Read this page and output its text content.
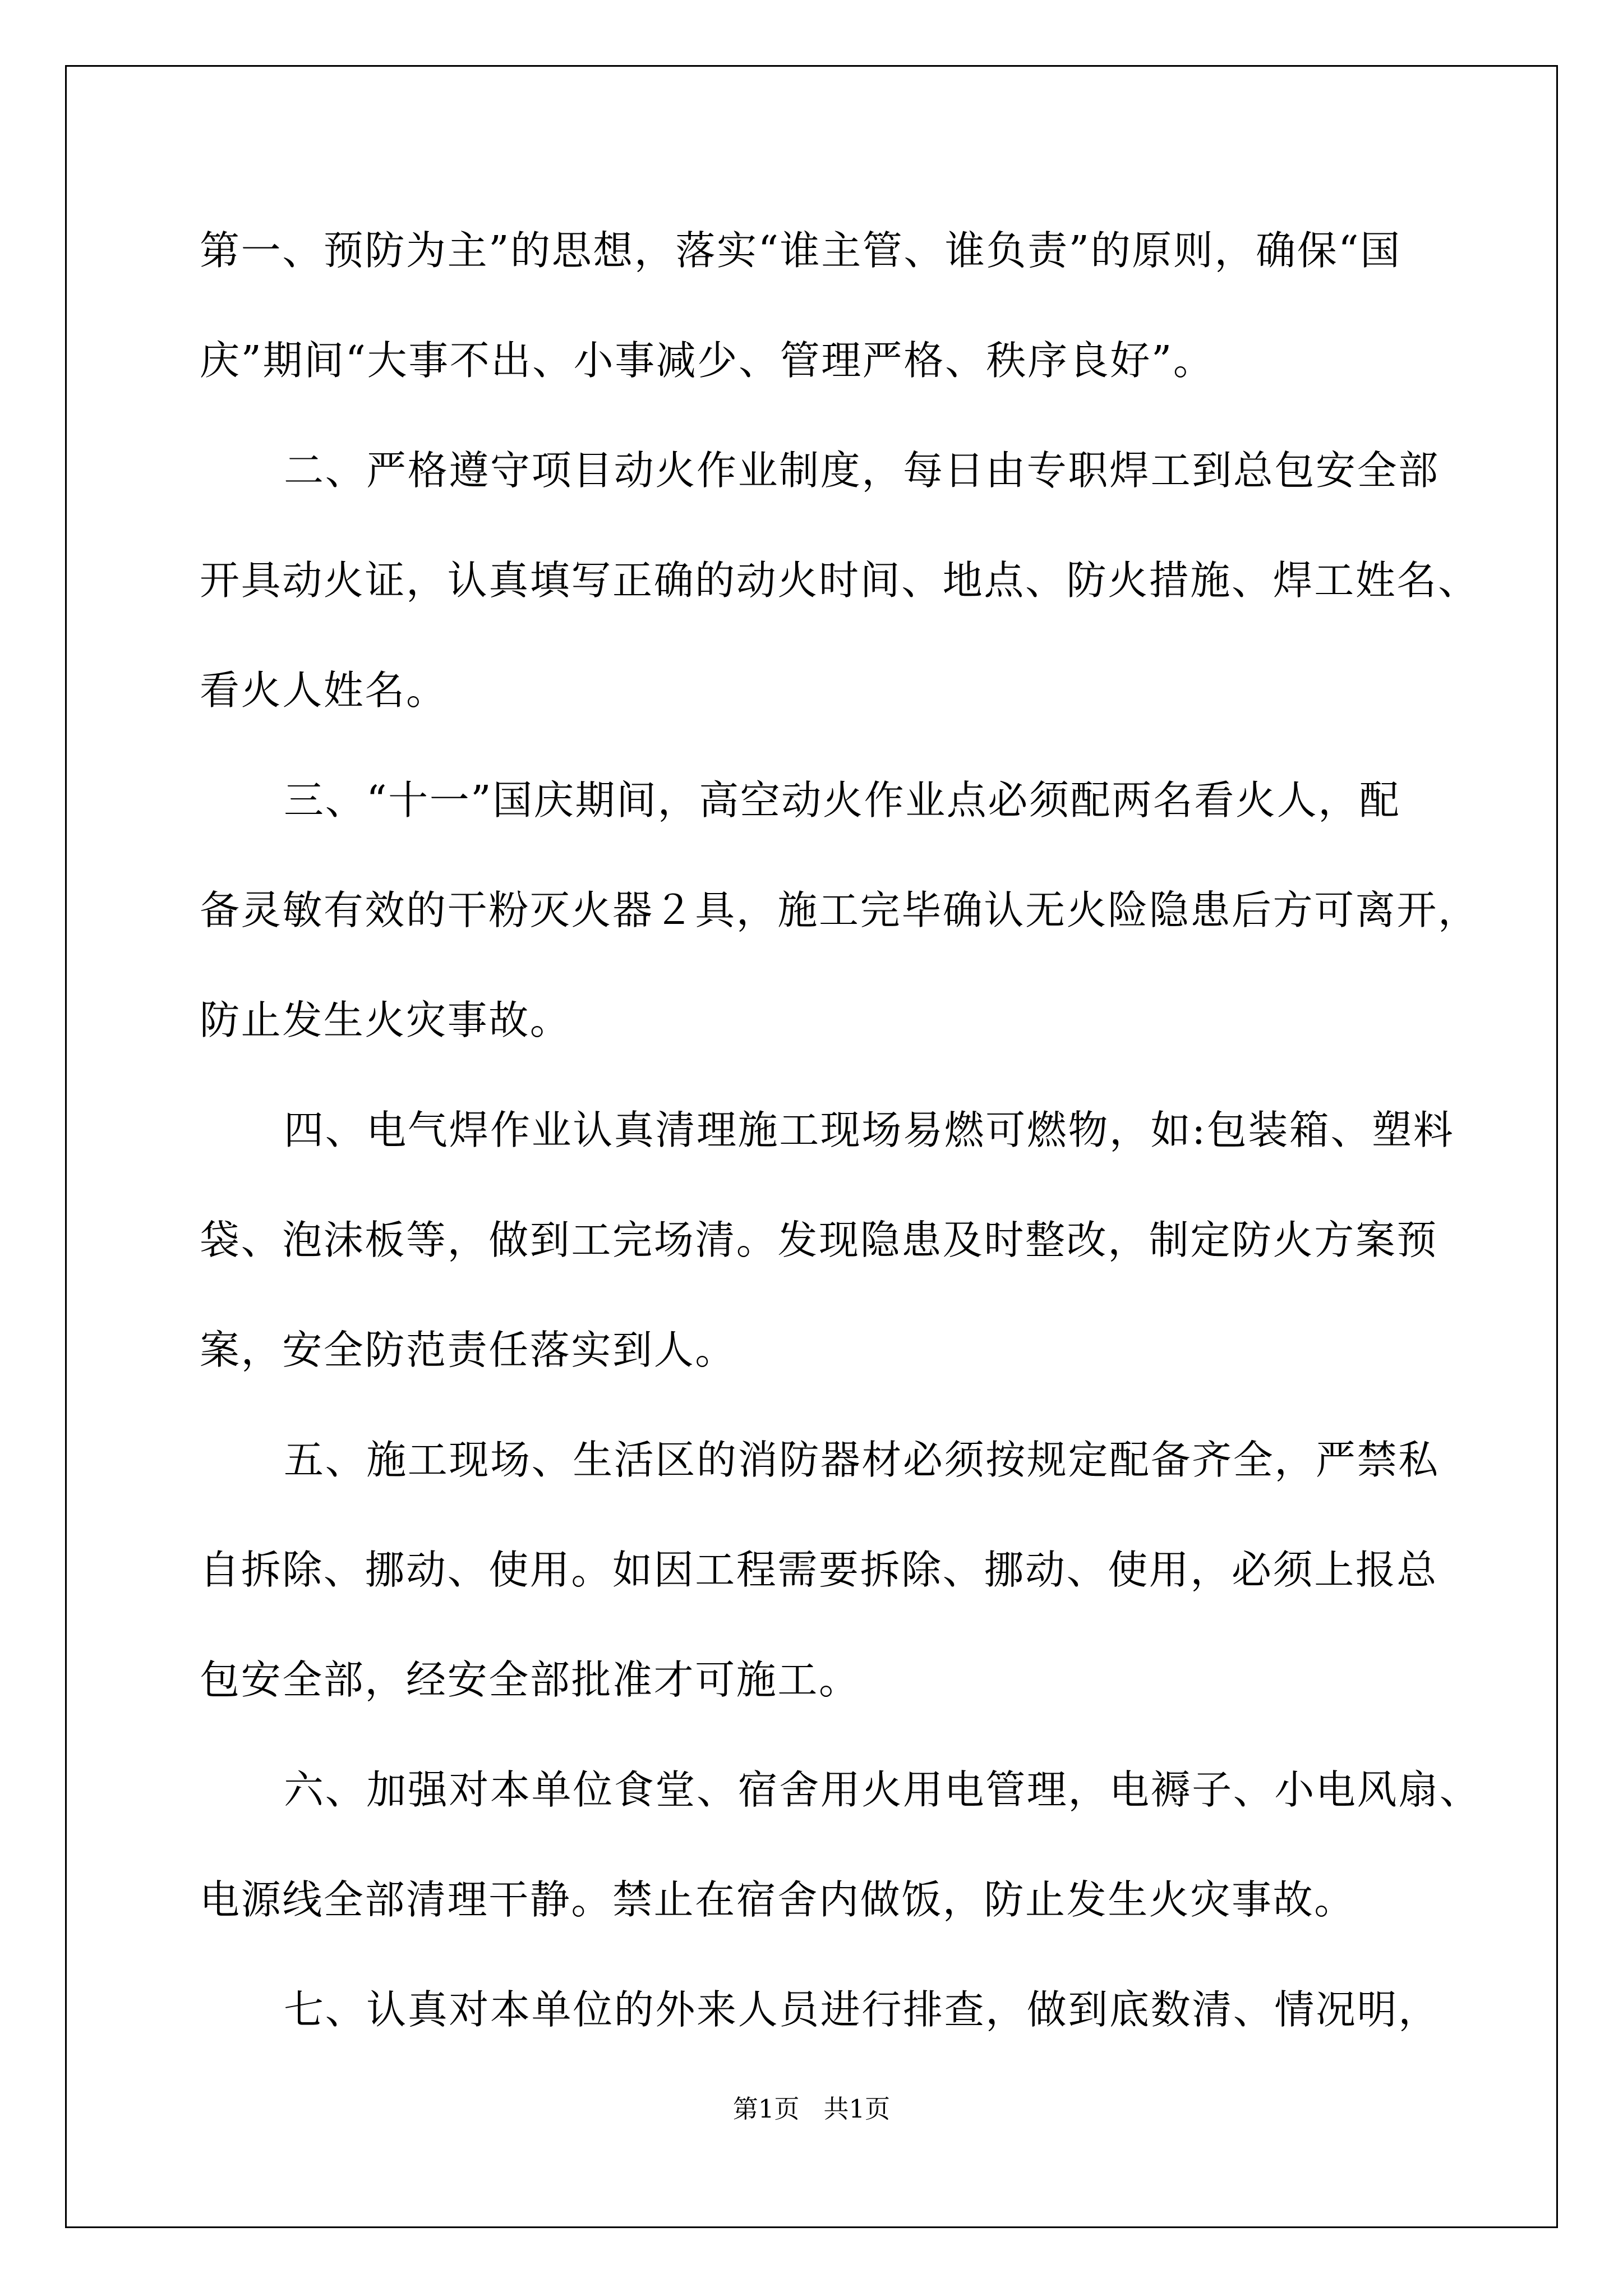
第一、预防为主”的思想，落实“谁主管、谁负责”的原则，确保“国
庆”期间“大事不出、小事减少、管理严格、秩序良好”。
二、严格遵守项目动火作业制度，每日由专职焊工到总包安全部
开具动火证，认真填写正确的动火时间、地点、防火措施、焊工姓名、
看火人姓名。
三、“十一”国庆期间，高空动火作业点必须配两名看火人，配
备灵敏有效的干粉灭火器２具，施工完毕确认无火险隐患后方可离开，
防止发生火灾事故。
四、电气焊作业认真清理施工现场易燃可燃物，如:包装箱、塑料
袋、泡沫板等，做到工完场清。发现隐患及时整改，制定防火方案预
案，安全防范责任落实到人。
五、施工现场、生活区的消防器材必须按规定配备齐全，严禁私
自拆除、挪动、使用。如因工程需要拆除、挪动、使用，必须上报总
包安全部，经安全部批准才可施工。
六、加强对本单位食堂、宿舍用火用电管理，电褥子、小电风扇、
电源线全部清理干静。禁止在宿舍内做饭，防止发生火灾事故。
七、认真对本单位的外来人员进行排查，做到底数清、情况明，
第1页   共1页
